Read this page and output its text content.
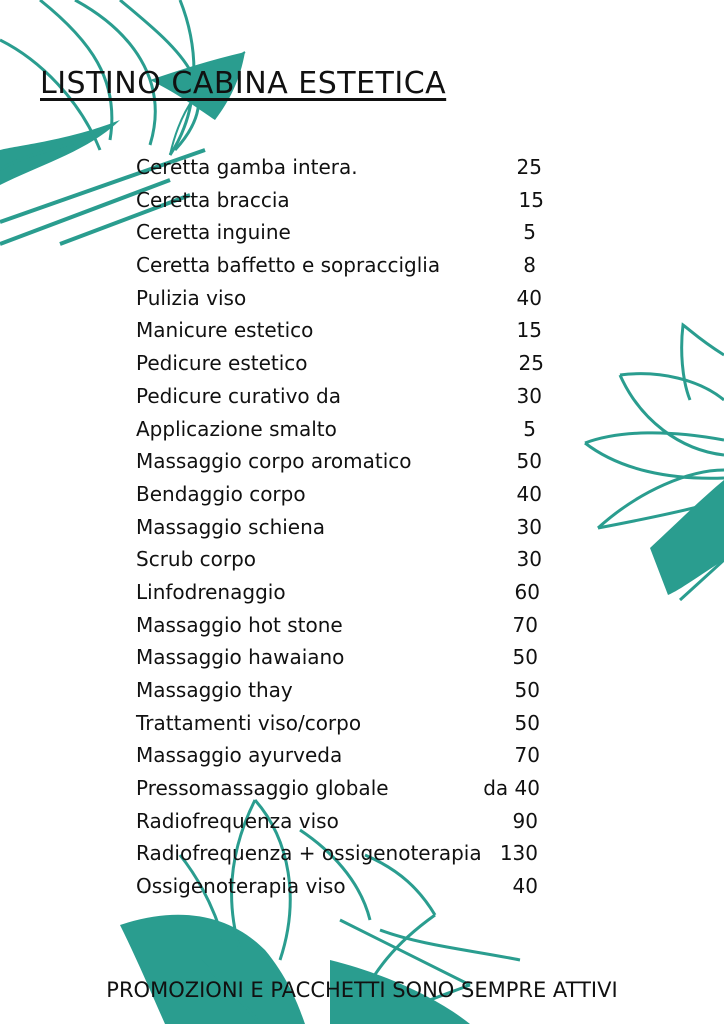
LISTINO CABINA ESTETICA
Ceretta gamba intera.	25
Ceretta braccia	15
Ceretta inguine	5
Ceretta baffetto e sopracciglia	8
Pulizia viso	40
Manicure estetico	15
Pedicure estetico	25
Pedicure curativo da	30
Applicazione smalto	5
Massaggio corpo aromatico	50
Bendaggio corpo	40
Massaggio schiena	30
Scrub corpo	30
Linfodrenaggio	60
Massaggio hot stone	70
Massaggio hawaiano	50
Massaggio thay	50
Trattamenti viso/corpo	50
Massaggio ayurveda	70
Pressomassaggio globale	da 40
Radiofrequenza viso	90
Radiofrequenza + ossigenoterapia 130
Ossigenoterapia viso	40
PROMOZIONI E PACCHETTI SONO SEMPRE ATTIVI
